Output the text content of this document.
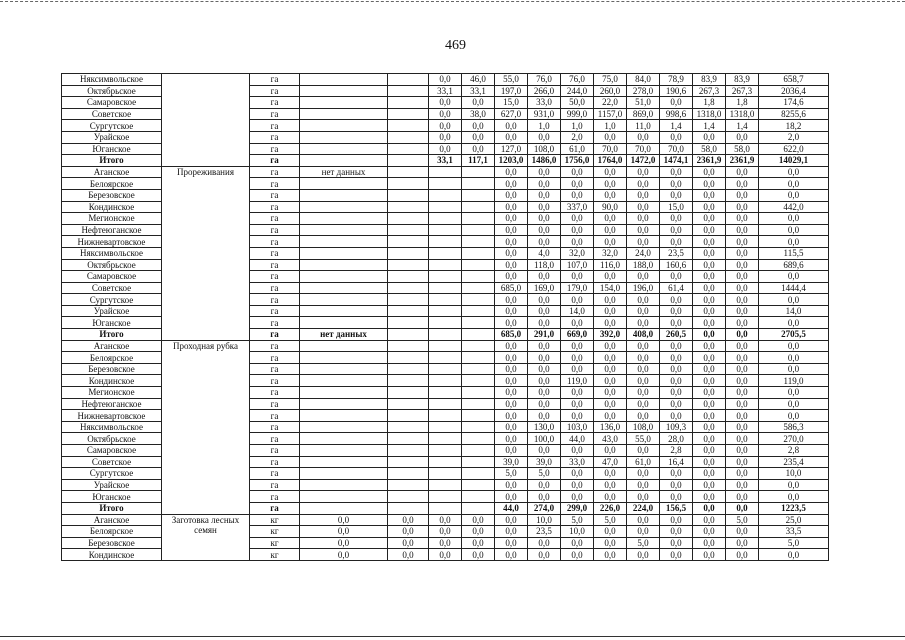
469
Няксимвольское		га			0,0	46,0	55,0	76,0	76,0	75,0	84,0	78,9	83,9	83,9	658,7
Октябрьское		га			33,1	33,1	197,0	266,0	244,0	260,0	278,0	190,6	267,3	267,3	2036,4
Самаровское		га			0,0	0,0	15,0	33,0	50,0	22,0	51,0	0,0	1,8	1,8	174,6
Советское		га			0,0	38,0	627,0	931,0	999,0	1157,0	869,0	998,6	1318,0	1318,0	8255,6
Сургутское		га			0,0	0,0	0,0	1,0	1,0	1,0	11,0	1,4	1,4	1,4	18,2
Урайское		га			0,0	0,0	0,0	0,0	2,0	0,0	0,0	0,0	0,0	0,0	2,0
Юганское		га			0,0	0,0	127,0	108,0	61,0	70,0	70,0	70,0	58,0	58,0	622,0
Итого		га			33,1	117,1	1203,0	1486,0	1756,0	1764,0	1472,0	1474,1	2361,9	2361,9	14029,1
Аганское	Прореживания	га	нет данных				0,0	0,0	0,0	0,0	0,0	0,0	0,0	0,0	0,0
Белоярское		га					0,0	0,0	0,0	0,0	0,0	0,0	0,0	0,0	0,0
Березовское		га					0,0	0,0	0,0	0,0	0,0	0,0	0,0	0,0	0,0
Кондинское		га					0,0	0,0	337,0	90,0	0,0	15,0	0,0	0,0	442,0
Мегионское		га					0,0	0,0	0,0	0,0	0,0	0,0	0,0	0,0	0,0
Нефтеюганское		га					0,0	0,0	0,0	0,0	0,0	0,0	0,0	0,0	0,0
Нижневартовское		га					0,0	0,0	0,0	0,0	0,0	0,0	0,0	0,0	0,0
Няксимвольское		га					0,0	4,0	32,0	32,0	24,0	23,5	0,0	0,0	115,5
Октябрьское		га					0,0	118,0	107,0	116,0	188,0	160,6	0,0	0,0	689,6
Самаровское		га					0,0	0,0	0,0	0,0	0,0	0,0	0,0	0,0	0,0
Советское		га					685,0	169,0	179,0	154,0	196,0	61,4	0,0	0,0	1444,4
Сургутское		га					0,0	0,0	0,0	0,0	0,0	0,0	0,0	0,0	0,0
Урайское		га					0,0	0,0	14,0	0,0	0,0	0,0	0,0	0,0	14,0
Юганское		га					0,0	0,0	0,0	0,0	0,0	0,0	0,0	0,0	0,0
Итого		га	нет данных				685,0	291,0	669,0	392,0	408,0	260,5	0,0	0,0	2705,5
Аганское	Проходная рубка	га					0,0	0,0	0,0	0,0	0,0	0,0	0,0	0,0	0,0
Белоярское		га					0,0	0,0	0,0	0,0	0,0	0,0	0,0	0,0	0,0
Березовское		га					0,0	0,0	0,0	0,0	0,0	0,0	0,0	0,0	0,0
Кондинское		га					0,0	0,0	119,0	0,0	0,0	0,0	0,0	0,0	119,0
Мегионское		га					0,0	0,0	0,0	0,0	0,0	0,0	0,0	0,0	0,0
Нефтеюганское		га					0,0	0,0	0,0	0,0	0,0	0,0	0,0	0,0	0,0
Нижневартовское		га					0,0	0,0	0,0	0,0	0,0	0,0	0,0	0,0	0,0
Няксимвольское		га					0,0	130,0	103,0	136,0	108,0	109,3	0,0	0,0	586,3
Октябрьское		га					0,0	100,0	44,0	43,0	55,0	28,0	0,0	0,0	270,0
Самаровское		га					0,0	0,0	0,0	0,0	0,0	2,8	0,0	0,0	2,8
Советское		га					39,0	39,0	33,0	47,0	61,0	16,4	0,0	0,0	235,4
Сургутское		га					5,0	5,0	0,0	0,0	0,0	0,0	0,0	0,0	10,0
Урайское		га					0,0	0,0	0,0	0,0	0,0	0,0	0,0	0,0	0,0
Юганское		га					0,0	0,0	0,0	0,0	0,0	0,0	0,0	0,0	0,0
Итого		га					44,0	274,0	299,0	226,0	224,0	156,5	0,0	0,0	1223,5
Аганское	Заготовка лесных семян	кг	0,0	0,0	0,0	0,0	0,0	10,0	5,0	5,0	0,0	0,0	0,0	5,0	25,0
Белоярское		кг	0,0	0,0	0,0	0,0	0,0	23,5	10,0	0,0	0,0	0,0	0,0	0,0	33,5
Березовское		кг	0,0	0,0	0,0	0,0	0,0	0,0	0,0	0,0	5,0	0,0	0,0	0,0	5,0
Кондинское		кг	0,0	0,0	0,0	0,0	0,0	0,0	0,0	0,0	0,0	0,0	0,0	0,0	0,0
